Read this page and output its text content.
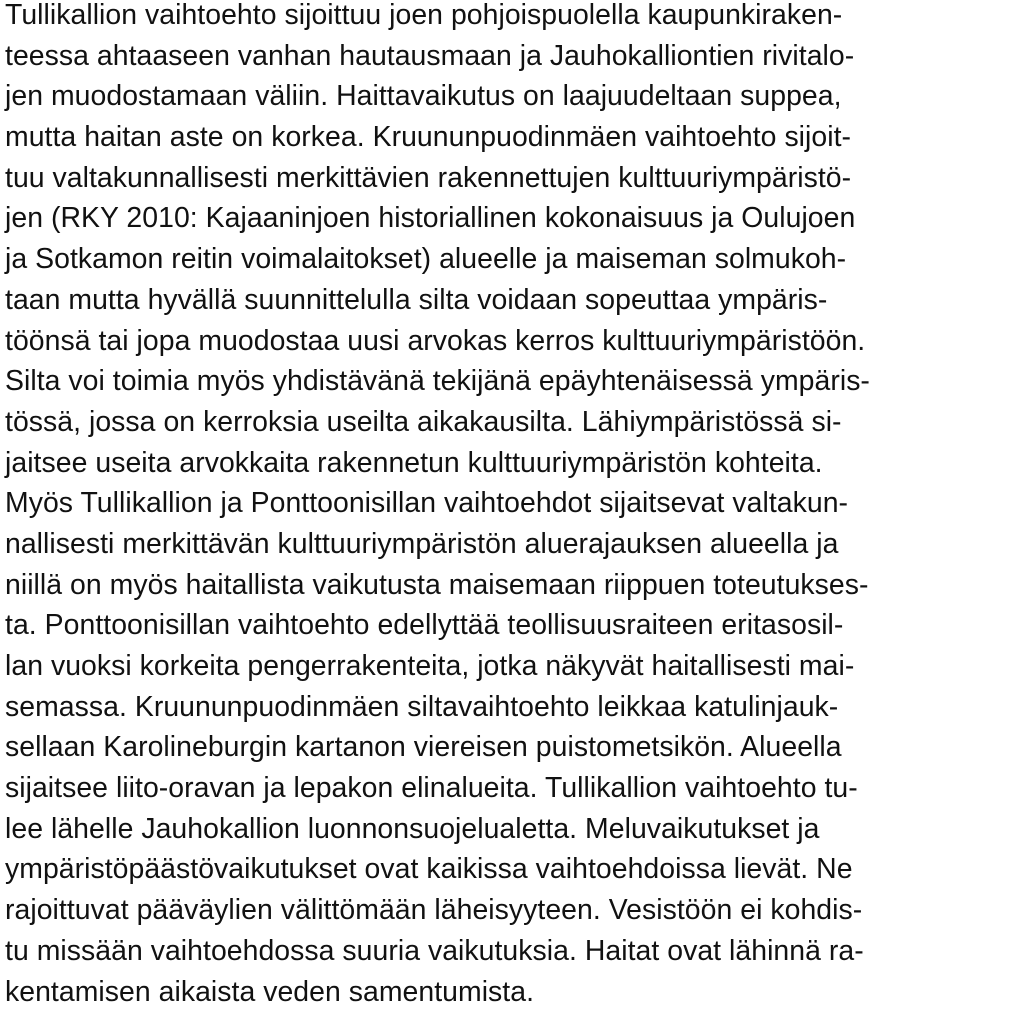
Tullikallion vaihtoehto sijoittuu joen pohjoispuolella kaupunkiraken-
teessa ahtaaseen vanhan hautausmaan ja Jauhokalliontien rivitalo-
jen muodostamaan väliin. Haittavaikutus on laajuudeltaan suppea,
mutta haitan aste on korkea. Kruununpuodinmäen vaihtoehto sijoit-
tuu valtakunnallisesti merkittävien rakennettujen kulttuuriympäristö-
jen (RKY 2010: Kajaaninjoen historiallinen kokonaisuus ja Oulujoen
ja Sotkamon reitin voimalaitokset) alueelle ja maiseman solmukoh-
taan mutta hyvällä suunnittelulla silta voidaan sopeuttaa ympäris-
töönsä tai jopa muodostaa uusi arvokas kerros kulttuuriympäristöön.
Silta voi toimia myös yhdistävänä tekijänä epäyhtenäisessä ympäris-
tössä, jossa on kerroksia useilta aikakausilta. Lähiympäristössä si-
jaitsee useita arvokkaita rakennetun kulttuuriympäristön kohteita.
Myös Tullikallion ja Ponttoonisillan vaihtoehdot sijaitsevat valtakun-
nallisesti merkittävän kulttuuriympäristön aluerajauksen alueella ja
niillä on myös haitallista vaikutusta maisemaan riippuen toteutukses-
ta. Ponttoonisillan vaihtoehto edellyttää teollisuusraiteen eritasosil-
lan vuoksi korkeita pengerrakenteita, jotka näkyvät haitallisesti mai-
semassa. Kruununpuodinmäen siltavaihtoehto leikkaa katulinjauk-
sellaan Karolineburgin kartanon viereisen puistometsikön. Alueella
sijaitsee liito-oravan ja lepakon elinalueita. Tullikallion vaihtoehto tu-
lee lähelle Jauhokallion luonnonsuojelualetta. Meluvaikutukset ja
ympäristöpäästövaikutukset ovat kaikissa vaihtoehdoissa lievät. Ne
rajoittuvat pääväylien välittömään läheisyyteen. Vesistöön ei kohdis-
tu missään vaihtoehdossa suuria vaikutuksia. Haitat ovat lähinnä ra-
kentamisen aikaista veden samentumista.
